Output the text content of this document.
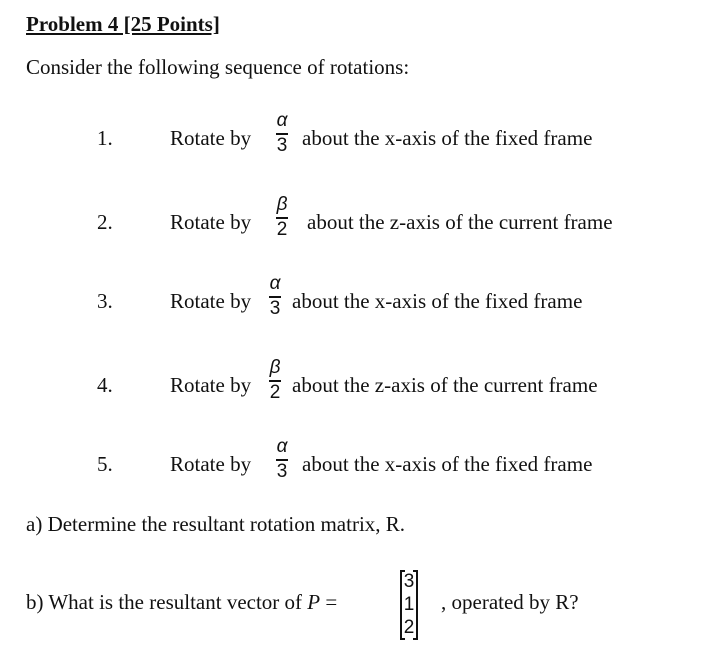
Problem 4 [25 Points]
Consider the following sequence of rotations:
1.	Rotate by
α
3 about the x-axis of the fixed frame
2.	Rotate by
β
2 about the z-axis of the current frame
3.	Rotate by
α
3 about the x-axis of the fixed frame
4.	Rotate by
β
2 about the z-axis of the current frame
5.	Rotate by
α
3 about the x-axis of the fixed frame
a) Determine the resultant rotation matrix, R.
b) What is the resultant vector of P =	, operated by R?
3
1
2
